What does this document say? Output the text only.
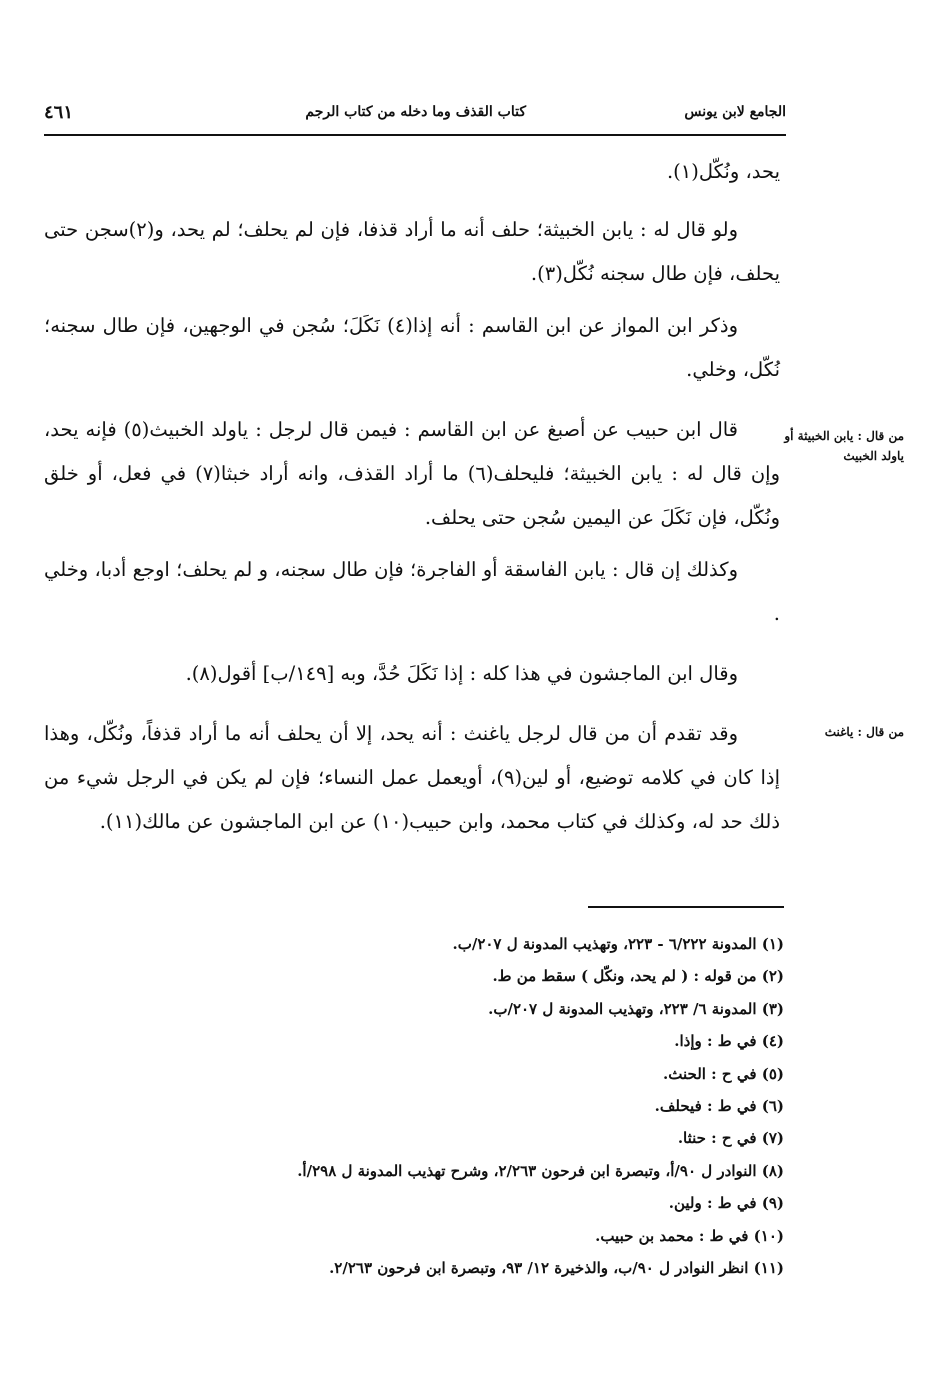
الجامع لابن يونس
كتاب القذف وما دخله من كتاب الرجم
٤٦١
من قال : يابن الخبيثة أو ياولد الخبيث
من قال : ياغنث

يحد، ونُكّل(١).

ولو قال له : يابن الخبيثة؛ حلف أنه ما أراد قذفا، فإن لم يحلف؛ لم يحد، و(٢)سجن حتى يحلف، فإن طال سجنه نُكّل(٣).

وذكر ابن المواز عن ابن القاسم : أنه إذا(٤) نَكَلَ؛ سُجن في الوجهين، فإن طال سجنه؛ نُكّل، وخلي.

قال ابن حبيب عن أصبغ عن ابن القاسم : فيمن قال لرجل : ياولد الخبيث(٥) فإنه يحد، وإن قال له : يابن الخبيثة؛ فليحلف(٦) ما أراد القذف، وانه أراد خبثا(٧) في فعل، أو خلق ونُكّل، فإن نَكَلَ عن اليمين سُجن حتى يحلف.

وكذلك إن قال : يابن الفاسقة أو الفاجرة؛ فإن طال سجنه، و لم يحلف؛ اوجع أدبا، وخلي .

وقال ابن الماجشون في هذا كله : إذا نَكَلَ حُدَّ، وبه [١٤٩/ب] أقول(٨).

وقد تقدم أن من قال لرجل ياغنث : أنه يحد، إلا أن يحلف أنه ما أراد قذفاً، ونُكّل، وهذا إذا كان في كلامه توضيع، أو لين(٩)، أويعمل عمل النساء؛ فإن لم يكن في الرجل شيء من ذلك حد له، وكذلك في كتاب محمد، وابن حبيب(١٠) عن ابن الماجشون عن مالك(١١).

(١) المدونة ٦/٢٢٢ - ٢٢٣، وتهذيب المدونة ل ٢٠٧/ب.
(٢) من قوله : ( لم يحد، ونكّل ) سقط من ط.
(٣) المدونة ٦/ ٢٢٣، وتهذيب المدونة ل ٢٠٧/ب.
(٤) في ط : وإذا.
(٥) في ح : الحنث.
(٦) في ط : فيحلف.
(٧) في ح : حنثا.
(٨) النوادر ل ٩٠/أ، وتبصرة ابن فرحون ٢/٢٦٣، وشرح تهذيب المدونة ل ٢٩٨/أ.
(٩) في ط : ولين.
(١٠) في ط : محمد بن حبيب.
(١١) انظر النوادر ل ٩٠/ب، والذخيرة ١٢/ ٩٣، وتبصرة ابن فرحون ٢/٢٦٣.
